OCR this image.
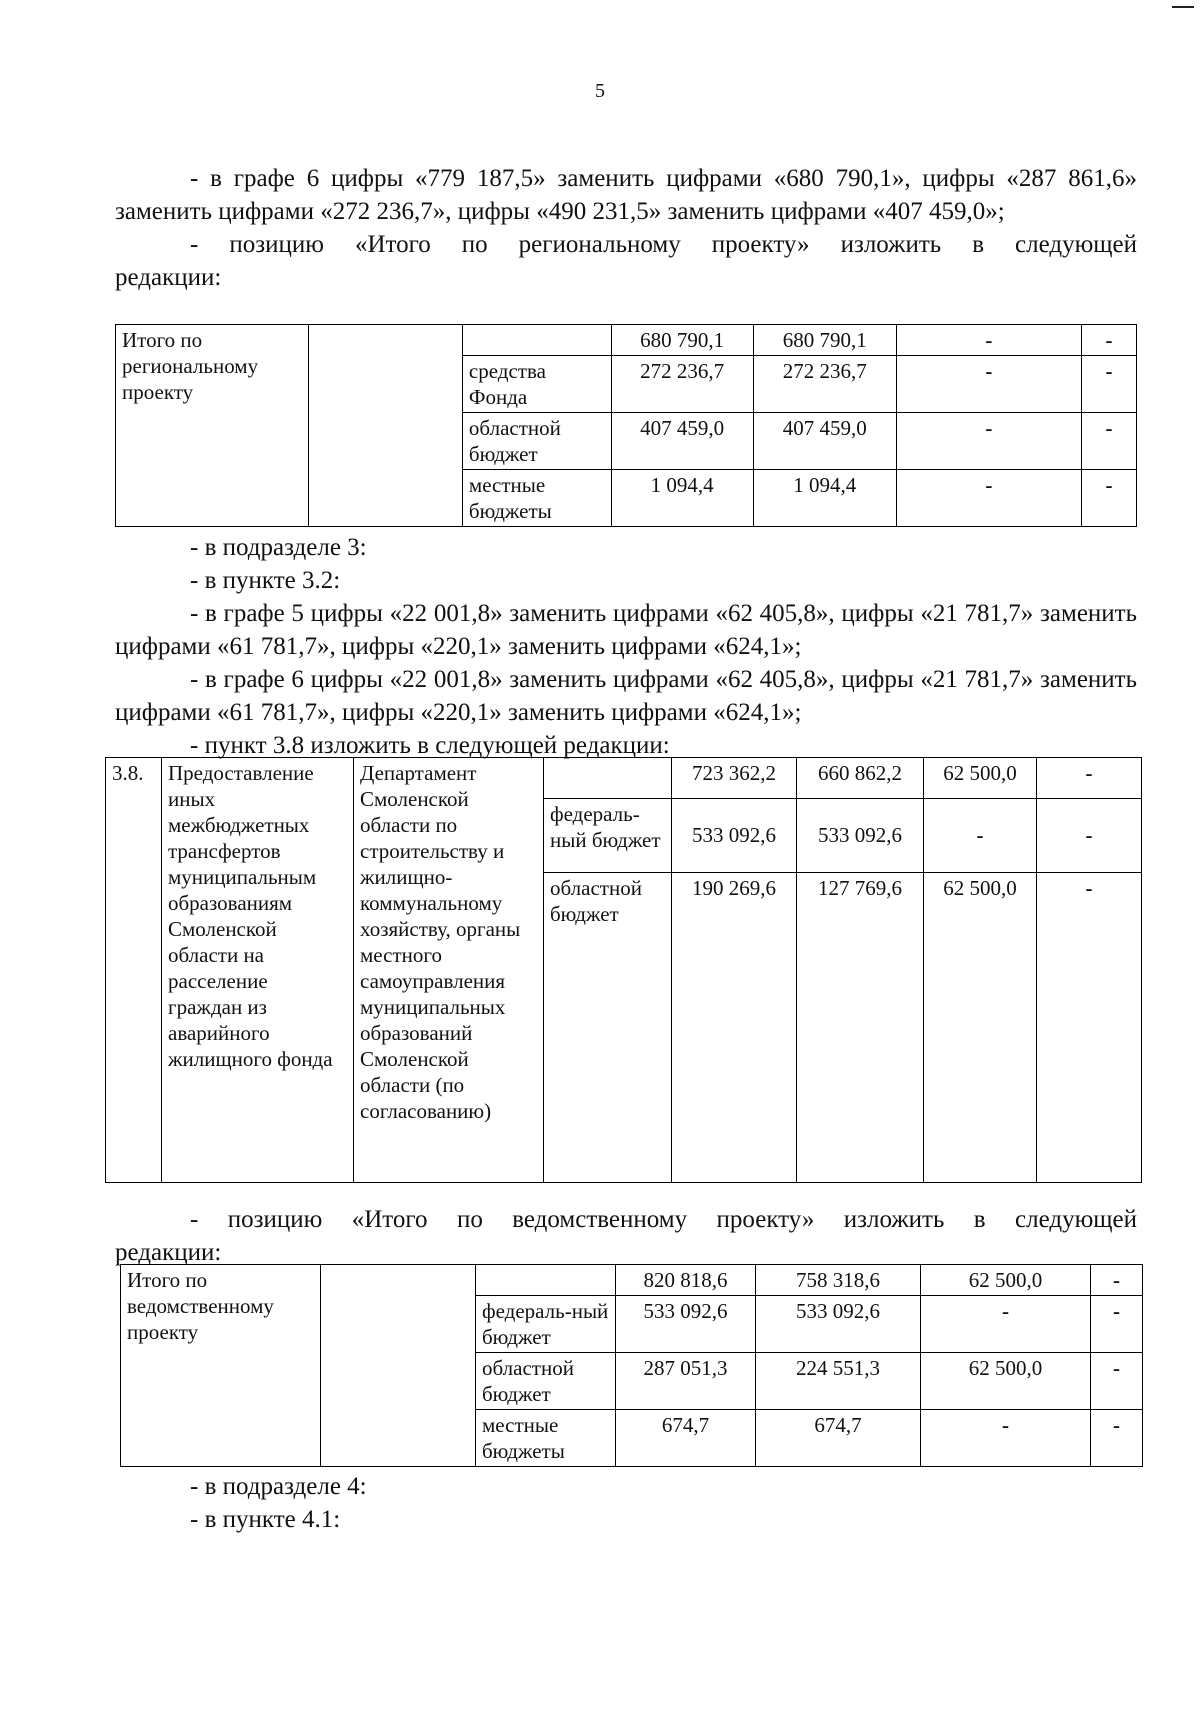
5

- в графе 6 цифры «779 187,5» заменить цифрами «680 790,1», цифры «287 861,6» заменить цифрами «272 236,7», цифры «490 231,5» заменить цифрами «407 459,0»;

- позицию «Итого по региональному проекту» изложить в следующей

редакции:

Итого по региональному проекту			680 790,1	680 790,1	-	-
		средства Фонда	272 236,7	272 236,7	-	-
		областной бюджет	407 459,0	407 459,0	-	-
		местные бюджеты	1 094,4	1 094,4	-	-

- в подразделе 3:

- в пункте 3.2:

- в графе 5 цифры «22 001,8» заменить цифрами «62 405,8», цифры «21 781,7» заменить цифрами «61 781,7», цифры «220,1» заменить цифрами «624,1»;

- в графе 6 цифры «22 001,8» заменить цифрами «62 405,8», цифры «21 781,7» заменить цифрами «61 781,7», цифры «220,1» заменить цифрами «624,1»;

- пункт 3.8 изложить в следующей редакции:

3.8.	Предоставление иных межбюджетных трансфертов муниципальным образованиям Смоленской области на расселение граждан из аварийного жилищного фонда	Департамент Смоленской области по строительству и жилищно-коммунальному хозяйству, органы местного самоуправления муниципальных образований Смоленской области (по согласованию)		723 362,2	660 862,2	62 500,0	-
			федераль-ный бюджет	533 092,6	533 092,6	-	-
			областной бюджет	190 269,6	127 769,6	62 500,0	-

- позицию «Итого по ведомственному проекту» изложить в следующей

редакции:

Итого по ведомственному проекту			820 818,6	758 318,6	62 500,0	-
		федераль-ный бюджет	533 092,6	533 092,6	-	-
		областной бюджет	287 051,3	224 551,3	62 500,0	-
		местные бюджеты	674,7	674,7	-	-

- в подразделе 4:

- в пункте 4.1:
